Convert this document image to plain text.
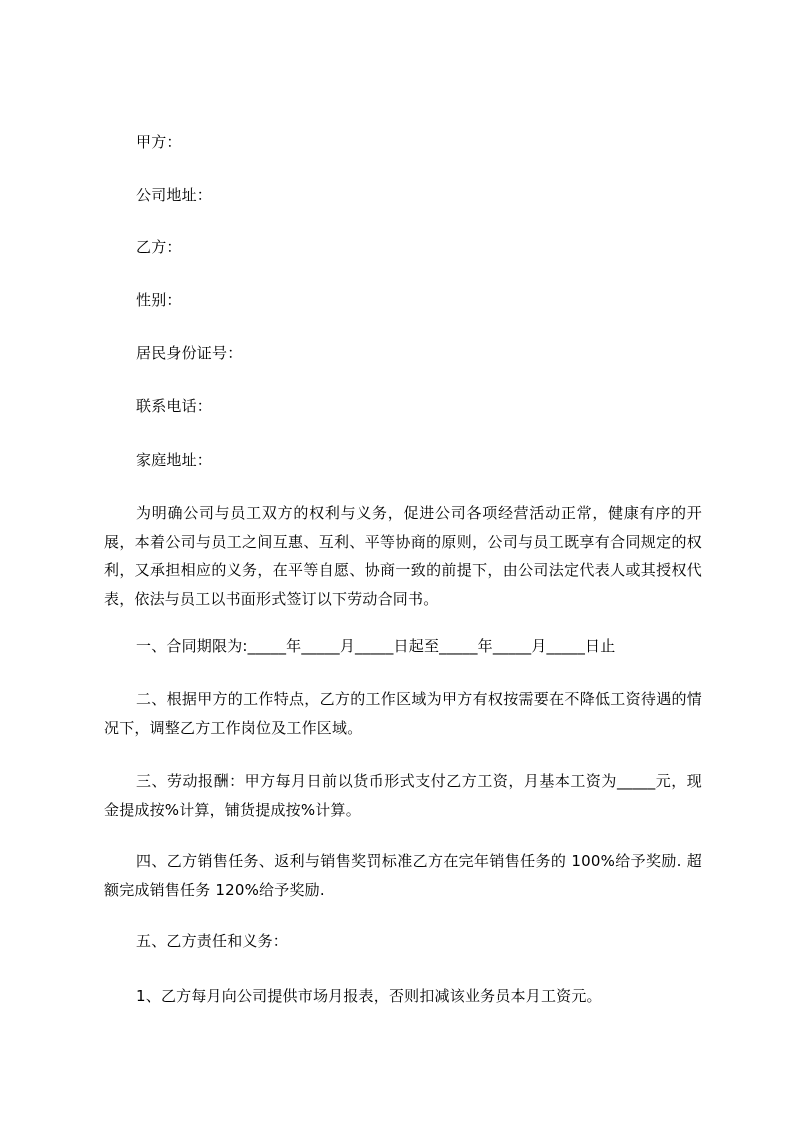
甲方：
公司地址：
乙方：
性别：
居民身份证号：
联系电话：
家庭地址：
为明确公司与员工双方的权利与义务，促进公司各项经营活动正常，健康有序的开展，本着公司与员工之间互惠、互利、平等协商的原则，公司与员工既享有合同规定的权利，又承担相应的义务，在平等自愿、协商一致的前提下，由公司法定代表人或其授权代表，依法与员工以书面形式签订以下劳动合同书。
一、合同期限为:_____年_____月_____日起至_____年_____月_____日止
二、根据甲方的工作特点，乙方的工作区域为甲方有权按需要在不降低工资待遇的情况下，调整乙方工作岗位及工作区域。
三、劳动报酬：甲方每月日前以货币形式支付乙方工资，月基本工资为_____元，现金提成按%计算，铺货提成按%计算。
四、乙方销售任务、返利与销售奖罚标准乙方在完年销售任务的 100%给予奖励. 超额完成销售任务 120%给予奖励.
五、乙方责任和义务：
1、乙方每月向公司提供市场月报表，否则扣减该业务员本月工资元。
